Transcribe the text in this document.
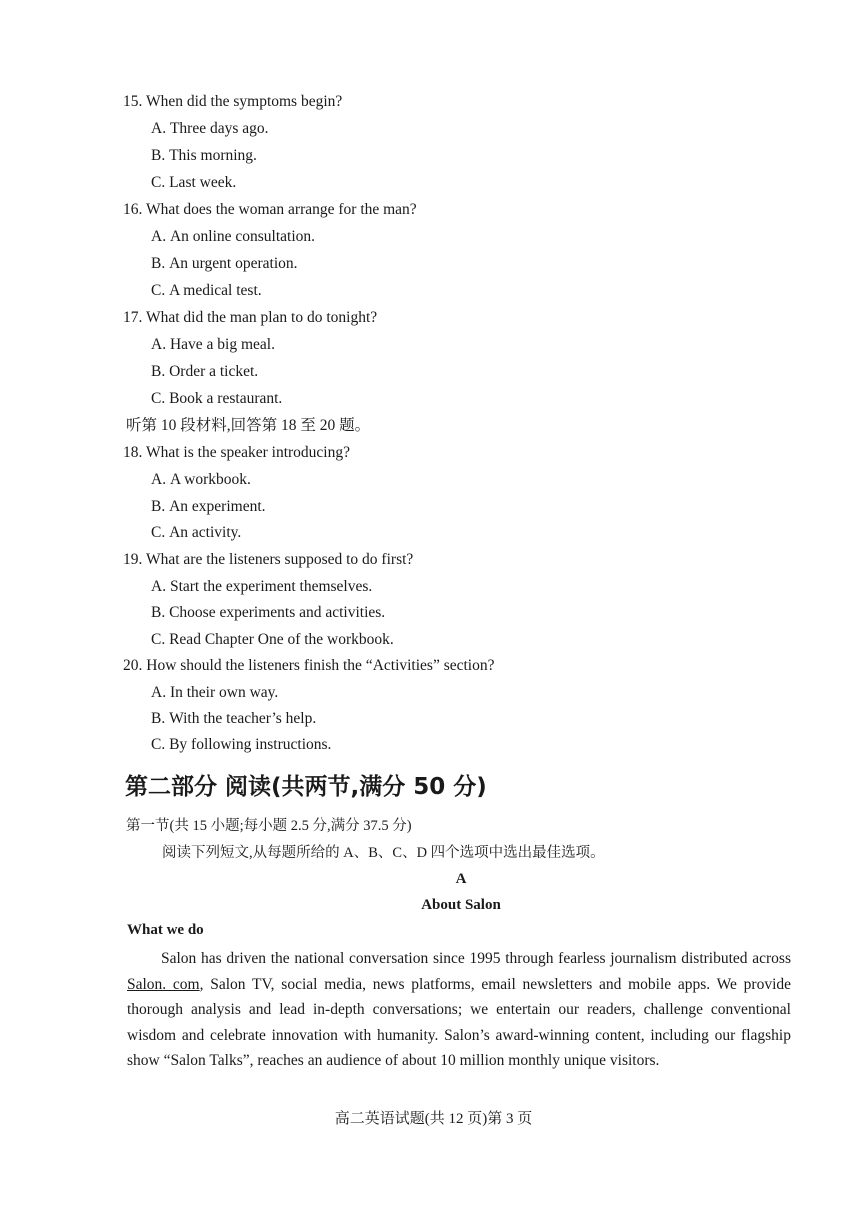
15. When did the symptoms begin?
A. Three days ago.
B. This morning.
C. Last week.
16. What does the woman arrange for the man?
A. An online consultation.
B. An urgent operation.
C. A medical test.
17. What did the man plan to do tonight?
A. Have a big meal.
B. Order a ticket.
C. Book a restaurant.
听第 10 段材料,回答第 18 至 20 题。
18. What is the speaker introducing?
A. A workbook.
B. An experiment.
C. An activity.
19. What are the listeners supposed to do first?
A. Start the experiment themselves.
B. Choose experiments and activities.
C. Read Chapter One of the workbook.
20. How should the listeners finish the “Activities” section?
A. In their own way.
B. With the teacher’s help.
C. By following instructions.
第二部分 阅读(共两节,满分 50 分)
第一节(共 15 小题;每小题 2.5 分,满分 37.5 分)
阅读下列短文,从每题所给的 A、B、C、D 四个选项中选出最佳选项。
A
About Salon
What we do

Salon has driven the national conversation since 1995 through fearless journalism distributed across Salon. com, Salon TV, social media, news platforms, email newsletters and mobile apps. We provide thorough analysis and lead in-depth conversations; we entertain our readers, challenge conventional wisdom and celebrate innovation with humanity. Salon’s award-winning content, including our flagship show “Salon Talks”, reaches an audience of about 10 million monthly unique visitors.

高二英语试题(共 12 页)第 3 页
